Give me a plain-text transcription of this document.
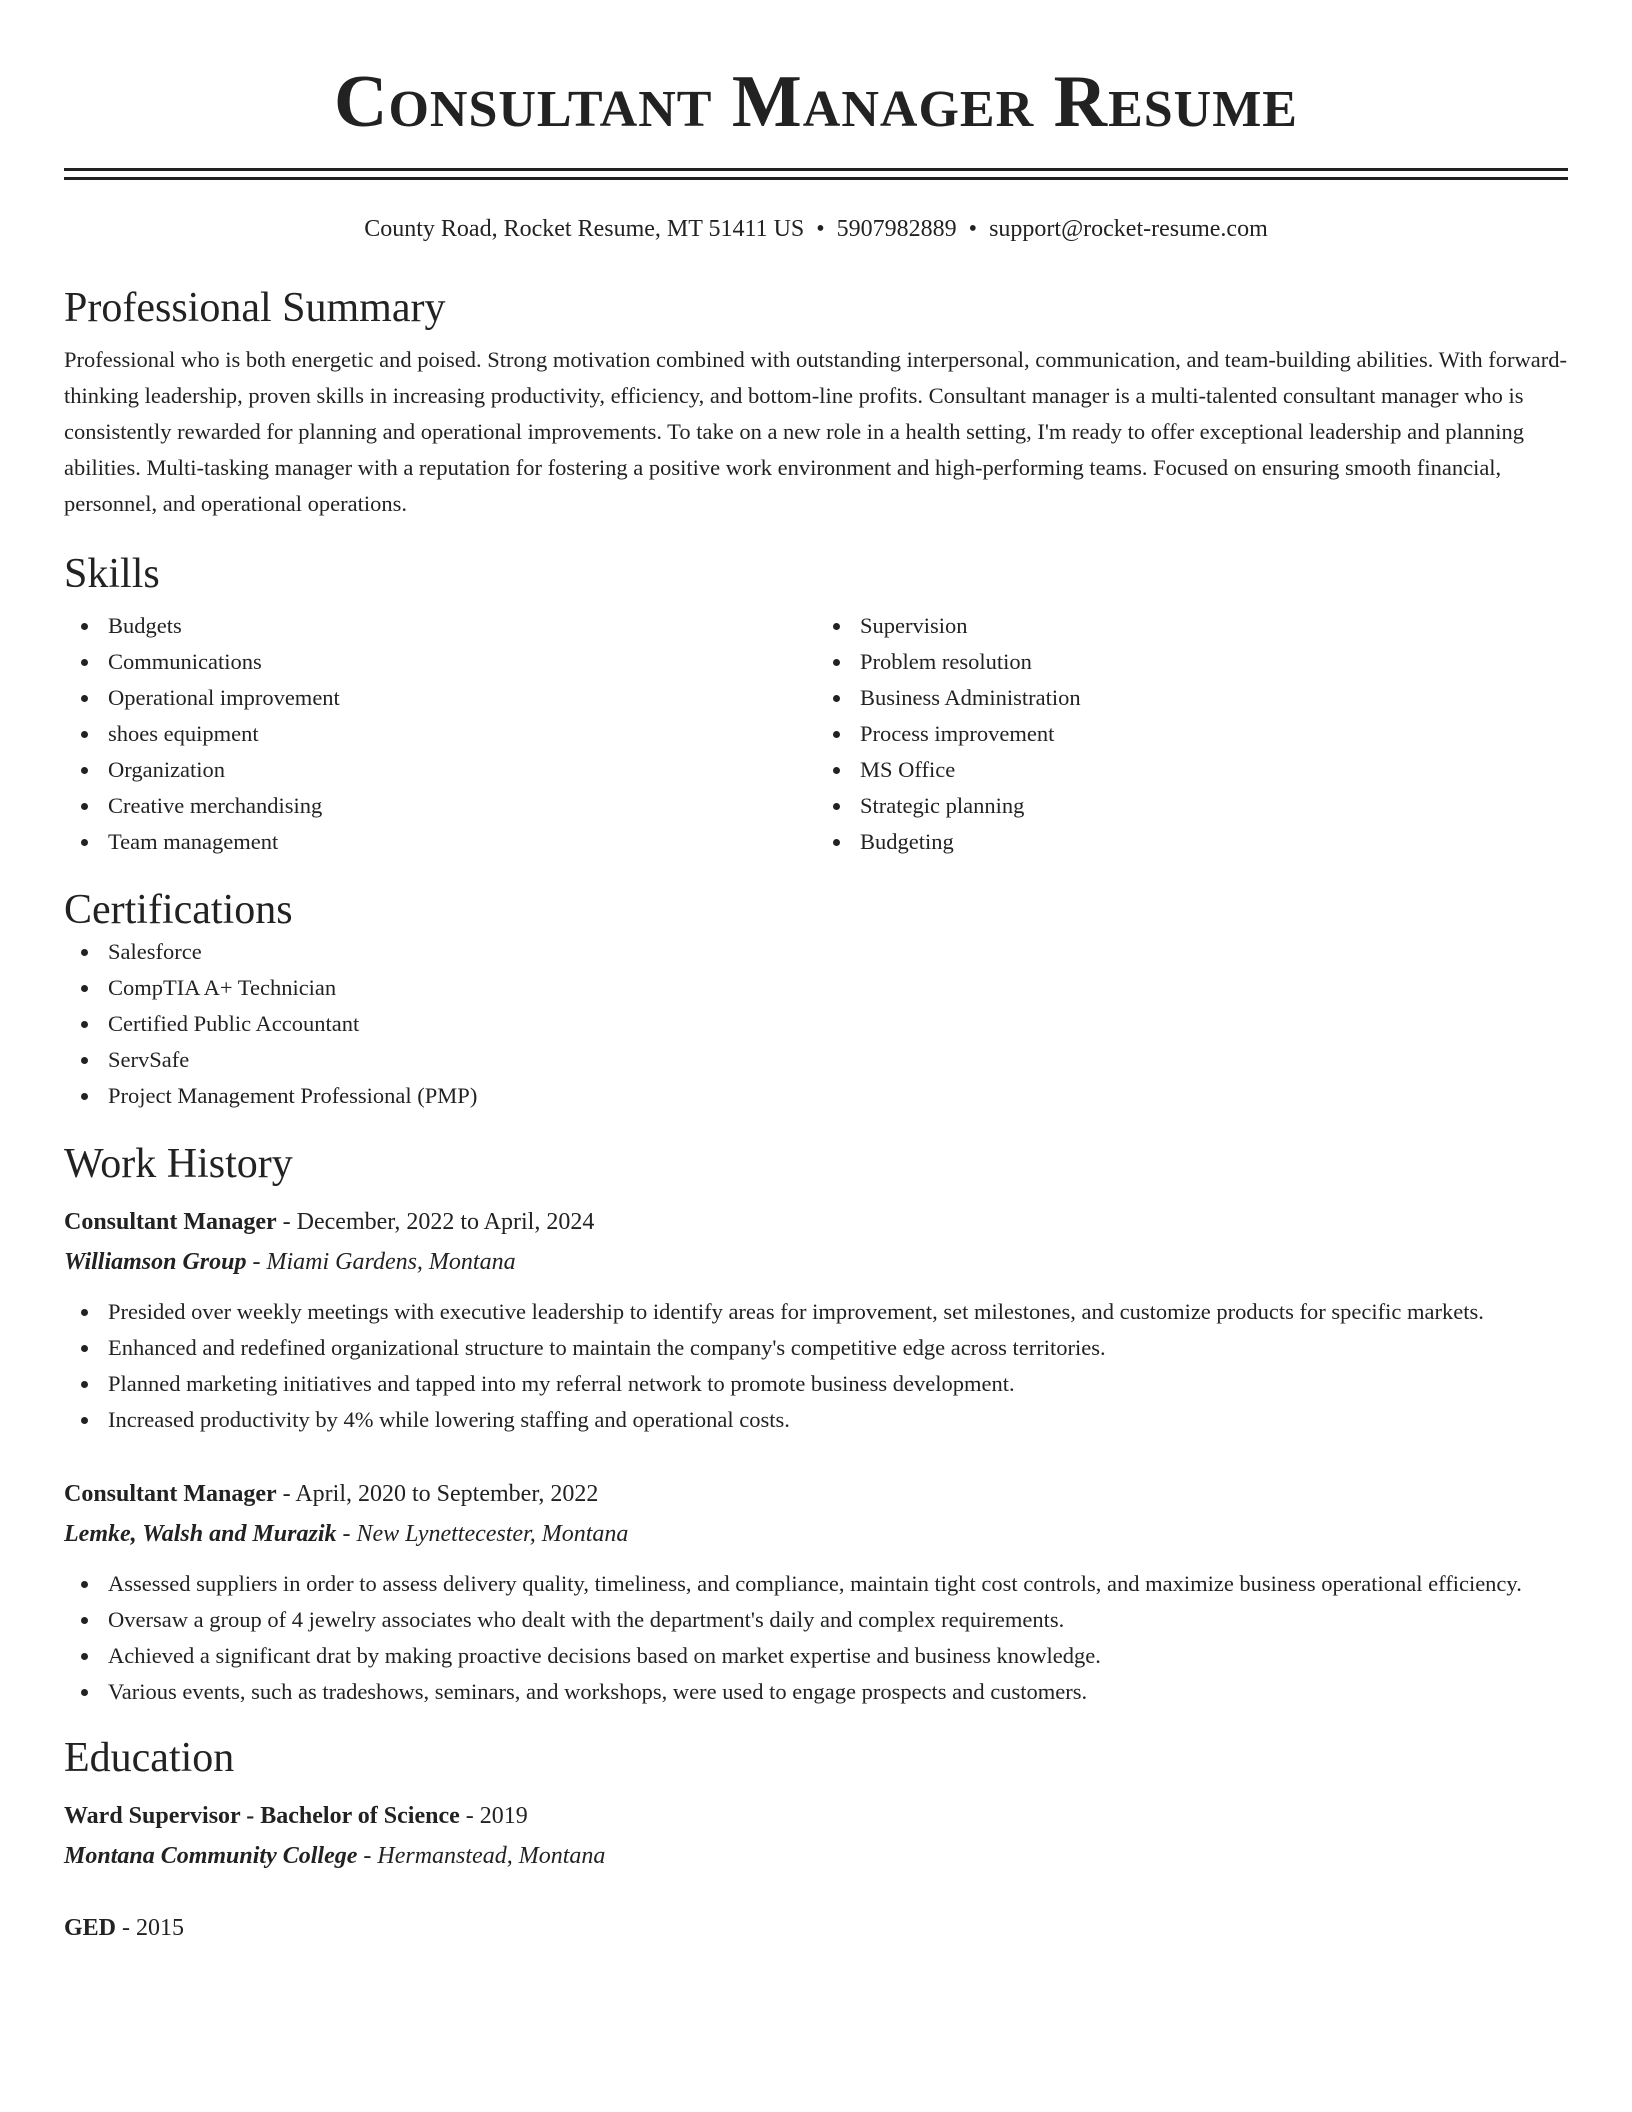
Consultant Manager Resume
County Road, Rocket Resume, MT 51411 US • 5907982889 • support@rocket-resume.com
Professional Summary

Professional who is both energetic and poised. Strong motivation combined with outstanding interpersonal, communication, and team-building abilities. With forward-thinking leadership, proven skills in increasing productivity, efficiency, and bottom-line profits. Consultant manager is a multi-talented consultant manager who is consistently rewarded for planning and operational improvements. To take on a new role in a health setting, I'm ready to offer exceptional leadership and planning abilities. Multi-tasking manager with a reputation for fostering a positive work environment and high-performing teams. Focused on ensuring smooth financial, personnel, and operational operations.

Skills
Budgets
Communications
Operational improvement
shoes equipment
Organization
Creative merchandising
Team management
Supervision
Problem resolution
Business Administration
Process improvement
MS Office
Strategic planning
Budgeting
Certifications
Salesforce
CompTIA A+ Technician
Certified Public Accountant
ServSafe
Project Management Professional (PMP)
Work History
Consultant Manager - December, 2022 to April, 2024
Williamson Group - Miami Gardens, Montana
Presided over weekly meetings with executive leadership to identify areas for improvement, set milestones, and customize products for specific markets.
Enhanced and redefined organizational structure to maintain the company's competitive edge across territories.
Planned marketing initiatives and tapped into my referral network to promote business development.
Increased productivity by 4% while lowering staffing and operational costs.
Consultant Manager - April, 2020 to September, 2022
Lemke, Walsh and Murazik - New Lynettecester, Montana
Assessed suppliers in order to assess delivery quality, timeliness, and compliance, maintain tight cost controls, and maximize business operational efficiency.
Oversaw a group of 4 jewelry associates who dealt with the department's daily and complex requirements.
Achieved a significant drat by making proactive decisions based on market expertise and business knowledge.
Various events, such as tradeshows, seminars, and workshops, were used to engage prospects and customers.
Education
Ward Supervisor - Bachelor of Science - 2019
Montana Community College - Hermanstead, Montana
GED - 2015
